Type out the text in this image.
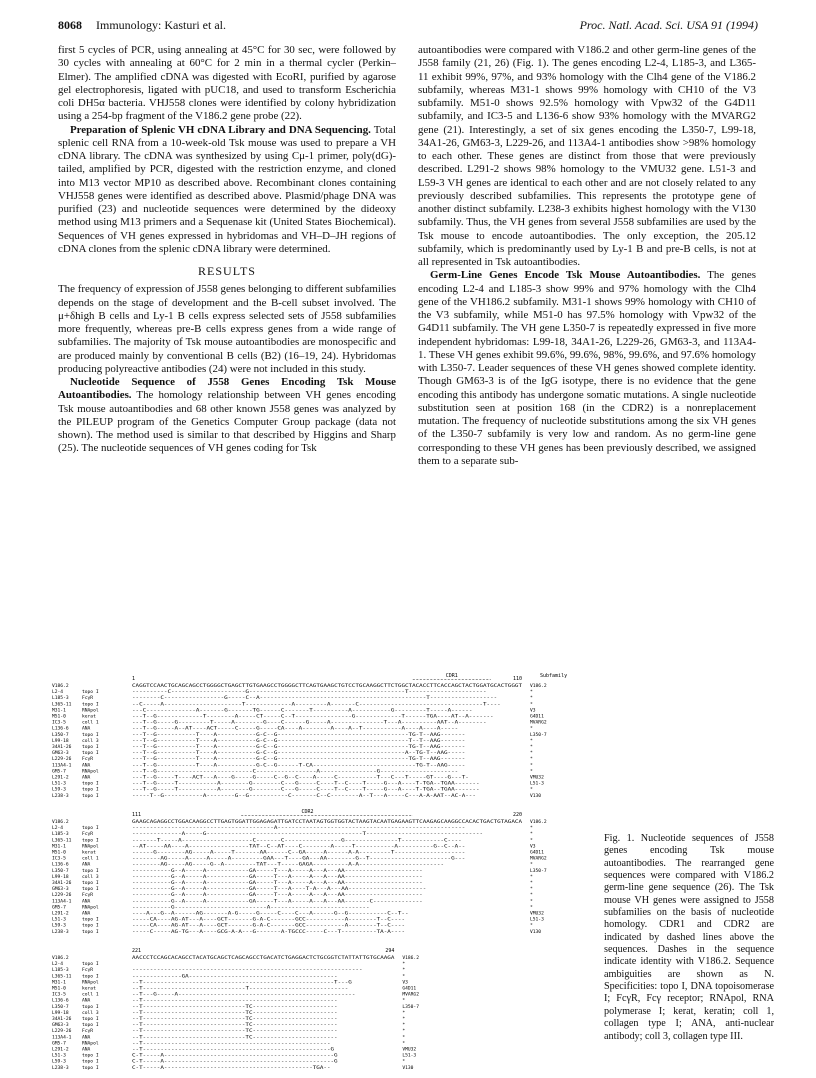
8068 Immunology: Kasturi et al.	Proc. Natl. Acad. Sci. USA 91 (1994)

first 5 cycles of PCR, using annealing at 45°C for 30 sec, were followed by 30 cycles with annealing at 60°C for 2 min in a thermal cycler (Perkin–Elmer). The amplified cDNA was digested with EcoRI, purified by agarose gel electrophoresis, ligated with pUC18, and used to transform Escherichia coli DH5α bacteria. VHJ558 clones were identified by colony hybridization using a 254-bp fragment of the V186.2 gene probe (22).

Preparation of Splenic VH cDNA Library and DNA Sequencing. Total splenic cell RNA from a 10-week-old Tsk mouse was used to prepare a VH cDNA library. The cDNA was synthesized by using Cμ-1 primer, poly(dG)-tailed, amplified by PCR, digested with the restriction enzyme, and cloned into M13 vector MP10 as described above. Recombinant clones containing VHJ558 genes were identified as described above. Plasmid/phage DNA was purified (23) and nucleotide sequences were determined by the dideoxy method using M13 primers and a Sequenase kit (United States Biochemical). Sequences of VH genes expressed in hybridomas and VH–D–JH regions of cDNA clones from the splenic cDNA library were determined.

RESULTS

The frequency of expression of J558 genes belonging to different subfamilies depends on the stage of development and the B-cell subset involved. The μ+δhigh B cells and Ly-1 B cells express selected sets of J558 subfamilies more frequently, whereas pre-B cells express genes from a wide range of subfamilies. The majority of Tsk mouse autoantibodies are monospecific and are produced mainly by conventional B cells (B2) (16–19, 24). Hybridomas producing polyreactive antibodies (24) were not included in this study.

Nucleotide Sequence of J558 Genes Encoding Tsk Mouse Autoantibodies. The homology relationship between VH genes encoding Tsk mouse autoantibodies and 68 other known J558 genes was analyzed by the PILEUP program of the Genetics Computer Group package (data not shown). The method used is similar to that described by Higgins and Sharp (25). The nucleotide sequences of VH genes coding for Tsk

autoantibodies were compared with V186.2 and other germ-line genes of the J558 family (21, 26) (Fig. 1). The genes encoding L2-4, L185-3, and L365-11 exhibit 99%, 97%, and 93% homology with the Clh4 gene of the V186.2 subfamily, whereas M31-1 shows 99% homology with CH10 of the V3 subfamily. M51-0 shows 92.5% homology with Vpw32 of the G4D11 subfamily, and IC3-5 and L136-6 show 93% homology with the MVARG2 gene (21). Interestingly, a set of six genes encoding the L350-7, L99-18, 34A1-26, GM63-3, L229-26, and 113A4-1 antibodies show >98% homology to each other. These genes are distinct from those that were previously described. L291-2 shows 98% homology to the VMU32 gene. L51-3 and L59-3 VH genes are identical to each other and are not closely related to any previously described subfamilies. This represents the prototype gene of another distinct subfamily. L238-3 exhibits highest homology with the V130 subfamily. Thus, the VH genes from several J558 subfamilies are used by the Tsk mouse to encode autoantibodies. The only exception, the 205.12 subfamily, which is predominantly used by Ly-1 B and pre-B cells, is not at all represented in Tsk autoantibodies.

Germ-Line Genes Encode Tsk Mouse Autoantibodies. The genes encoding L2-4 and L185-3 show 99% and 97% homology with the Clh4 gene of the VH186.2 subfamily. M31-1 shows 99% homology with CH10 of the V3 subfamily, while M51-0 has 97.5% homology with Vpw32 of the G4D11 subfamily. The VH gene L350-7 is repeatedly expressed in five more independent hybridomas: L99-18, 34A1-26, L229-26, GM63-3, and 113A4-1. These VH genes exhibit 99.6%, 99.6%, 98%, 99.6%, and 97.6% homology with L350-7. Leader sequences of these VH genes showed complete identity. Though GM63-3 is of the IgG isotype, there is no evidence that the gene encoding this antibody has undergone somatic mutations. A single nucleotide substitution seen at position 168 (in the CDR2) is a nonreplacement mutation. The frequency of nucleotide substitutions among the six VH genes of the L350-7 subfamily is very low and random. As no germ-line gene corresponding to these VH genes has been previously described, we assigned them to a separate sub-

1	110
CDR1	Subfamily
V186.2	CAGGTCCAACTGCAGCAGCCTGGGGCTGAGCTTGTGAAGCCTGGGGCTTCAGTGAAGCTGTCCTGCAAGGCTTCTGGCTACACCTTCACCAGCTACTGGATGCACTGGGT	V186.2
L2-4	topo I	----------C---------------------G--------------------------------------------T----------------------	*
L185-3	FcγR	--------C-----------------G-----C--A-----------------------------------------------T-------------------	*
L365-11 topo I	--C-----A----------------------T-------------A---------A-------C-----------------------------------T----	*
M31-1	RNApol	---C--------------A-------G-------TG------C-------T----------A-----------G---------T-----A------	V3
M51-0	kerat	---T--G-------------T--------A-----CT-----C--T----------------G-------------T------TGA----AT--A-------	G4D11
IC3-5	coll 1	---T--G-----G---------T-----A--------G----C------G-----A---------------T---A----------AAT--A--------	MVARG2
L136-6	ANA	---T--G-----A--AT----ACT-----C-----G-----CA----A--------A----A--T-----------A----A----A-----	*
L350-7	topo I	---T--G-----------T----A-----------G-C--G-------------------------------------TG-T--AAG-------	L350-7
L99-18	coll 3	---T--G-----------T----A-----------G-C--G-------------------------------------T--T--AAG-------	*
34A1-26 topo I	---T--G-----------T----A-----------G-C--G-------------------------------------TG-T--AAG-------	*
GM63-3	topo I	---T--G-----------T----A-----------G-C--G------------------------------------A--TG-T--AAG-----	*
L229-26 FcγR	---T--G-----------T----A-----------G-C--G-------------------------------------TG-T--AAG-------	*
113A4-1 ANA	---T--G-----------T----A-----------G-C--G------T-CA-----------------------------TG-T--AAG-----	*
GM5-7	RNApol	---T--G---------------------------C-----------------A----------------G----------------------	*
L291-2	ANA	---T--G-----T----ACT---A----G-----G-----C--G--C----A-----C-----------T---C---T-----GT----G---T-	VMU32
L51-3	topo I	---T--G-----T-----------A--------G--------C---G-----C----T--C----T-----G---A----T-TGA--TGAA-------	L51-3
L59-3	topo I	---T--G-----T-----------A--------G--------C---G-----C----T--C----T-----G---A----T-TGA--TGAA-------	*
L238-3	topo I	-----T--G-----------A--------G--G-----------C-------C--C--------A--T---A-----C---A-A-AAT--AC-A---	V130
111	220
CDR2
V186.2	GAAGCAGAGGCCTGGACAAGGCCTTGAGTGGATTGGAGAGATTGATCCTAATAGTGGTGGTACTAAGTACAATGAGAAGTTCAAGAGCAAGGCCACACTGACTGTAGACA	V186.2
L2-4	topo I	----------------------------------------A-----------------------------------------------------	*
L185-3	FcγR	--------------A-----G--------------------------------------------T---------------------------------	*
L365-11 topo I	-------T-----A--------------------C-------C----------------G---------------T------------C----	*
M31-1	RNApol	--AT-----AA----A-----------------TAT--C--AT----C--------A-----T-----------A----------G--C--A--	V3
M51-0	kerat	------G--------AG-----A-----T-------AA------C--GA-----A------A-A---------T--------------------	G4D11
IC3-5	coll 1	--------AG-----A-----A-----A---------GAA---T----GA---AA--------G--T-----------------------G---	MVARG2
L136-6	ANA	--------AG-----AG-----G--A---------TAT---T-----GAGA----------A-A------------------------	*
L350-7	topo I	-----------G--A-----A------------GA-----T---A-----A---A---AA----------------------	L350-7
L99-18	coll 3	-----------G--A-----A------------GA-----T---A-----A---A---AA----------------------	*
34A1-26 topo I	-----------G--A-----A------------GA-----T---A-----A---A---AA----------------------	*
GM63-3	topo I	-----------G--A-----A------------GA-----T---A----T-A---A---AA----------------------	*
L229-26 FcγR	-----------G--A-----A------------GA-----T---A-----A---A---AA----------------------	*
113A4-1 ANA	-----------G--A-----A------------GA-----T---A-----A---A---AA-------C--------------	*
GM5-7	RNApol	-----------G--------------------------A----------------------------	*
L291-2	ANA	----A---G--A------AG-------A-G-----G-----C----C---A------G--G-----------C--T--	VMU32
L51-3	topo I	-----CA----AG-AT---A----GCT-------G-A-C-------GCC-----------A--------T--C----	L51-3
L59-3	topo I	-----CA----AG-AT---A----GCT-------G-A-C-------GCC-----------A--------T--C----	*
L238-3	topo I	-----C-----AG-TG---A----GCG-A-A---G-------A-TGCCC-----C---T----------TA-A----	V130
221	294
V186.2	AACCCTCCAGCACAGCCTACATGCAGCTCAGCAGCCTGACATCTGAGGACTCTGCGGTCTATTATTGTGCAAGA	V186.2
L2-4	topo I	*
L185-3	FcγR	-----------------------------------------------------------------	*
L365-11 topo I	--------------GA------------------------------------------	*
M31-1	RNApol	--T------------------------------------------------------T---G	V3
M51-0	kerat	--T-----------------------------T----------------------------	G4D11
IC3-5	coll 1	--T---G-----A--------------------------------------------------	MVARG2
L136-6	ANA	--T-------------------------------------------------------	*
L350-7	topo I	--T-----------------------------TC------------------------	L350-7
L99-18	coll 3	--T-----------------------------TC------------------------	*
34A1-26 topo I	--T-----------------------------TC------------------------	*
GM63-3	topo I	--T-----------------------------TC------------------------	*
L229-26 FcγR	--T-----------------------------TC------------------------	*
113A4-1 ANA	--T-----------------------------TC------------------------	*
GM5-7	RNApol	--T-----------------------------------------------------	*
L291-2	ANA	--T-----------------------------------------------------G	VMU32
L51-3	topo I	C-T-----A------------------------------------------------G	L51-3
L59-3	topo I	C-T-----A------------------------------------------------G	*
L238-3	topo I	C-T-----A------------------------------------------TGA--	V130
Fig. 1. Nucleotide sequences of J558 genes encoding Tsk mouse autoantibodies. The rearranged gene sequences were compared with V186.2 germ-line gene sequence (26). The Tsk mouse VH genes were assigned to J558 subfamilies on the basis of nucleotide homology. CDR1 and CDR2 are indicated by dashed lines above the sequences. Dashes in the sequence indicate identity with V186.2. Sequence ambiguities are shown as N. Specificities: topo I, DNA topoisomerase I; FcγR, Fcγ receptor; RNApol, RNA polymerase I; kerat, keratin; coll 1, collagen type I; ANA, anti-nuclear antibody; coll 3, collagen type III.
